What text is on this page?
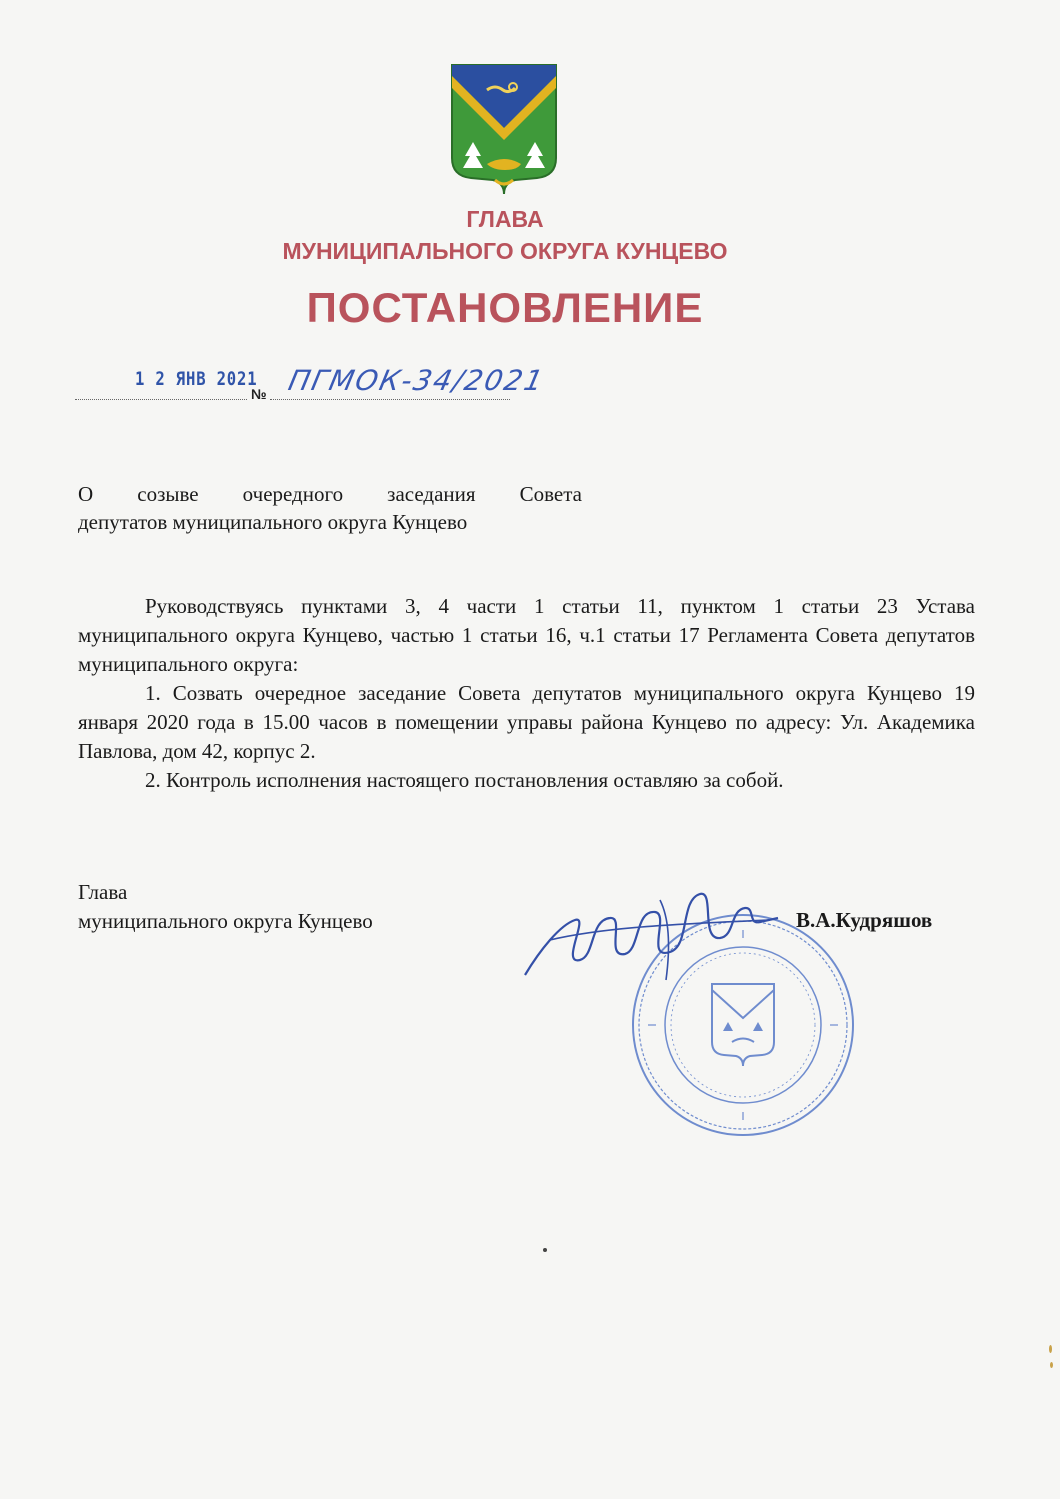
ГЛАВА
МУНИЦИПАЛЬНОГО ОКРУГА КУНЦЕВО
ПОСТАНОВЛЕНИЕ
1 2 ЯНВ 2021
№ ПГМОК-34/2021
О созыве очередного заседания Совета
депутатов муниципального округа Кунцево

Руководствуясь пунктами 3, 4 части 1 статьи 11, пунктом 1 статьи 23 Устава муниципального округа Кунцево, частью 1 статьи 16, ч.1 статьи 17 Регламента Совета депутатов муниципального округа:

1. Созвать очередное заседание Совета депутатов муниципального округа Кунцево 19 января 2020 года в 15.00 часов в помещении управы района Кунцево по адресу: Ул. Академика Павлова, дом 42, корпус 2.

2. Контроль исполнения настоящего постановления оставляю за собой.

Глава
муниципального округа Кунцево	В.А.Кудряшов
